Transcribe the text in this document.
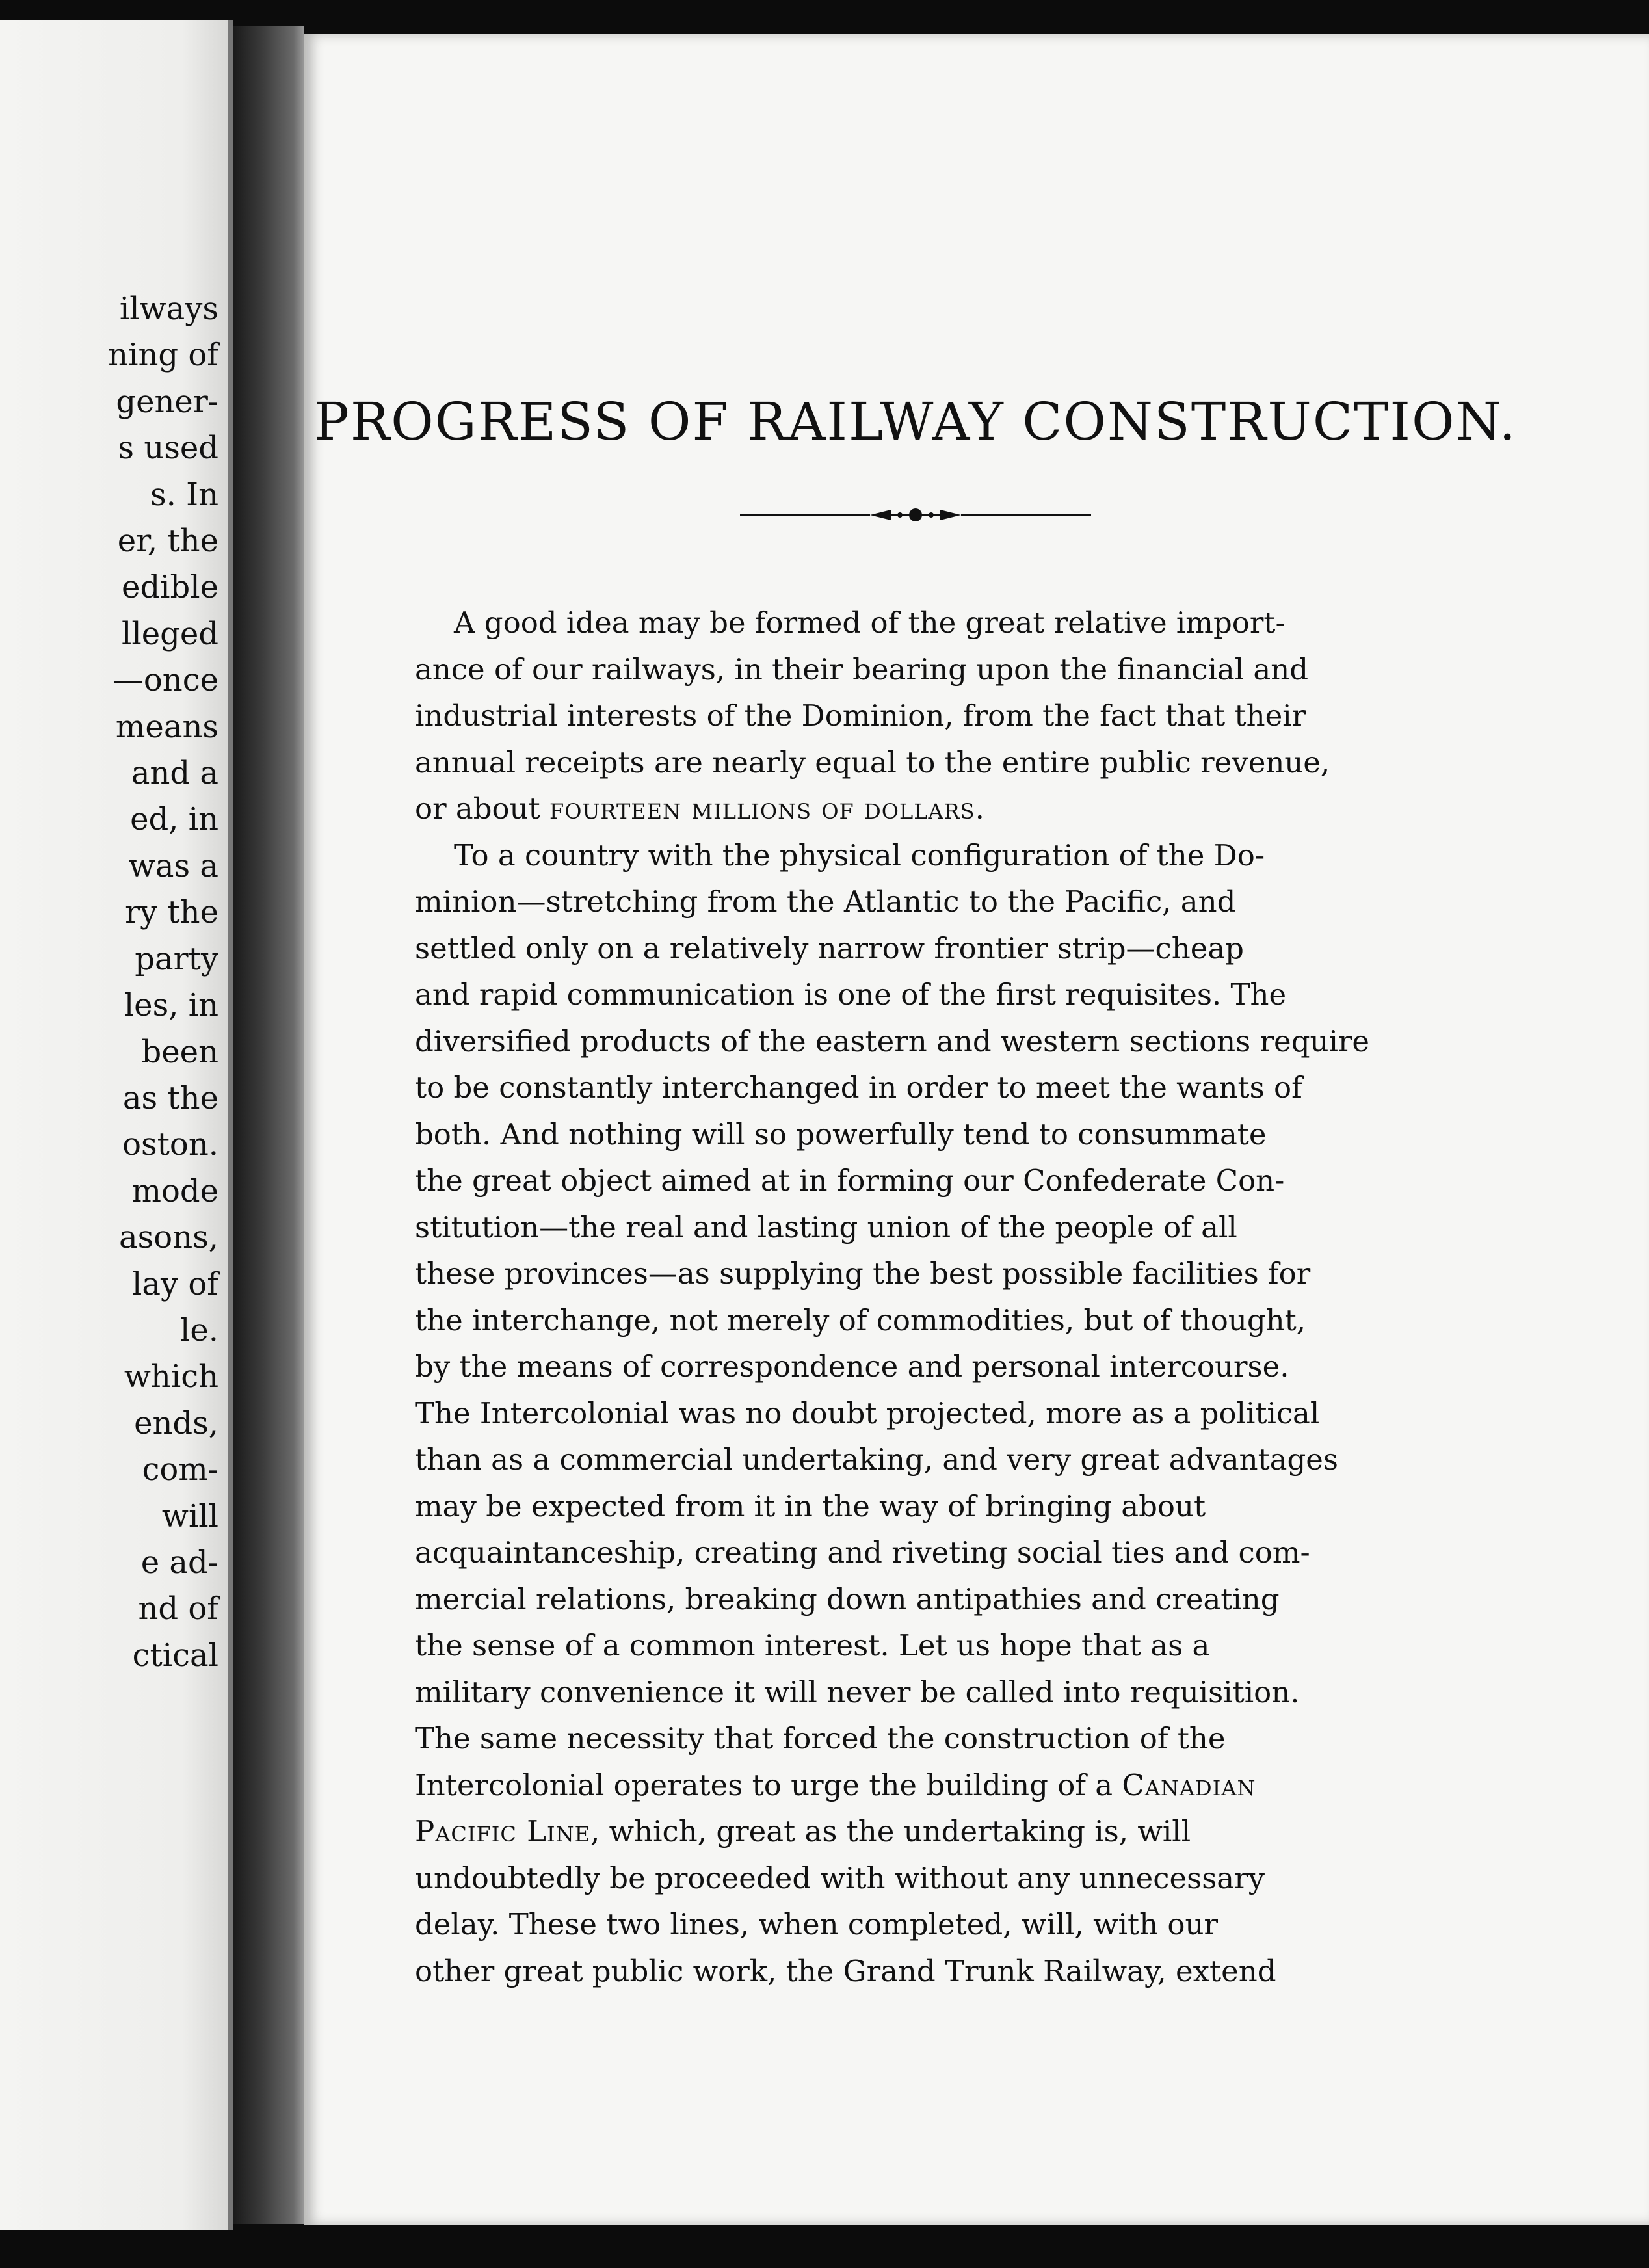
ilways
ning of
gener-
s used
s. In
er, the
edible
lleged
—once
means
and a
ed, in
was a
ry the
party
les, in
been
as the
oston.
mode
asons,
lay of
le.
which
ends,
com-
will
e ad-
nd of
ctical
PROGRESS OF RAILWAY CONSTRUCTION.
A good idea may be formed of the great relative import-
ance of our railways, in their bearing upon the financial and
industrial interests of the Dominion, from the fact that their
annual receipts are nearly equal to the entire public revenue,
or about fourteen millions of dollars.
To a country with the physical configuration of the Do-
minion—stretching from the Atlantic to the Pacific, and
settled only on a relatively narrow frontier strip—cheap
and rapid communication is one of the first requisites. The
diversified products of the eastern and western sections require
to be constantly interchanged in order to meet the wants of
both. And nothing will so powerfully tend to consummate
the great object aimed at in forming our Confederate Con-
stitution—the real and lasting union of the people of all
these provinces—as supplying the best possible facilities for
the interchange, not merely of commodities, but of thought,
by the means of correspondence and personal intercourse.
The Intercolonial was no doubt projected, more as a political
than as a commercial undertaking, and very great advantages
may be expected from it in the way of bringing about
acquaintanceship, creating and riveting social ties and com-
mercial relations, breaking down antipathies and creating
the sense of a common interest. Let us hope that as a
military convenience it will never be called into requisition.
The same necessity that forced the construction of the
Intercolonial operates to urge the building of a Canadian
Pacific Line, which, great as the undertaking is, will
undoubtedly be proceeded with without any unnecessary
delay. These two lines, when completed, will, with our
other great public work, the Grand Trunk Railway, extend
